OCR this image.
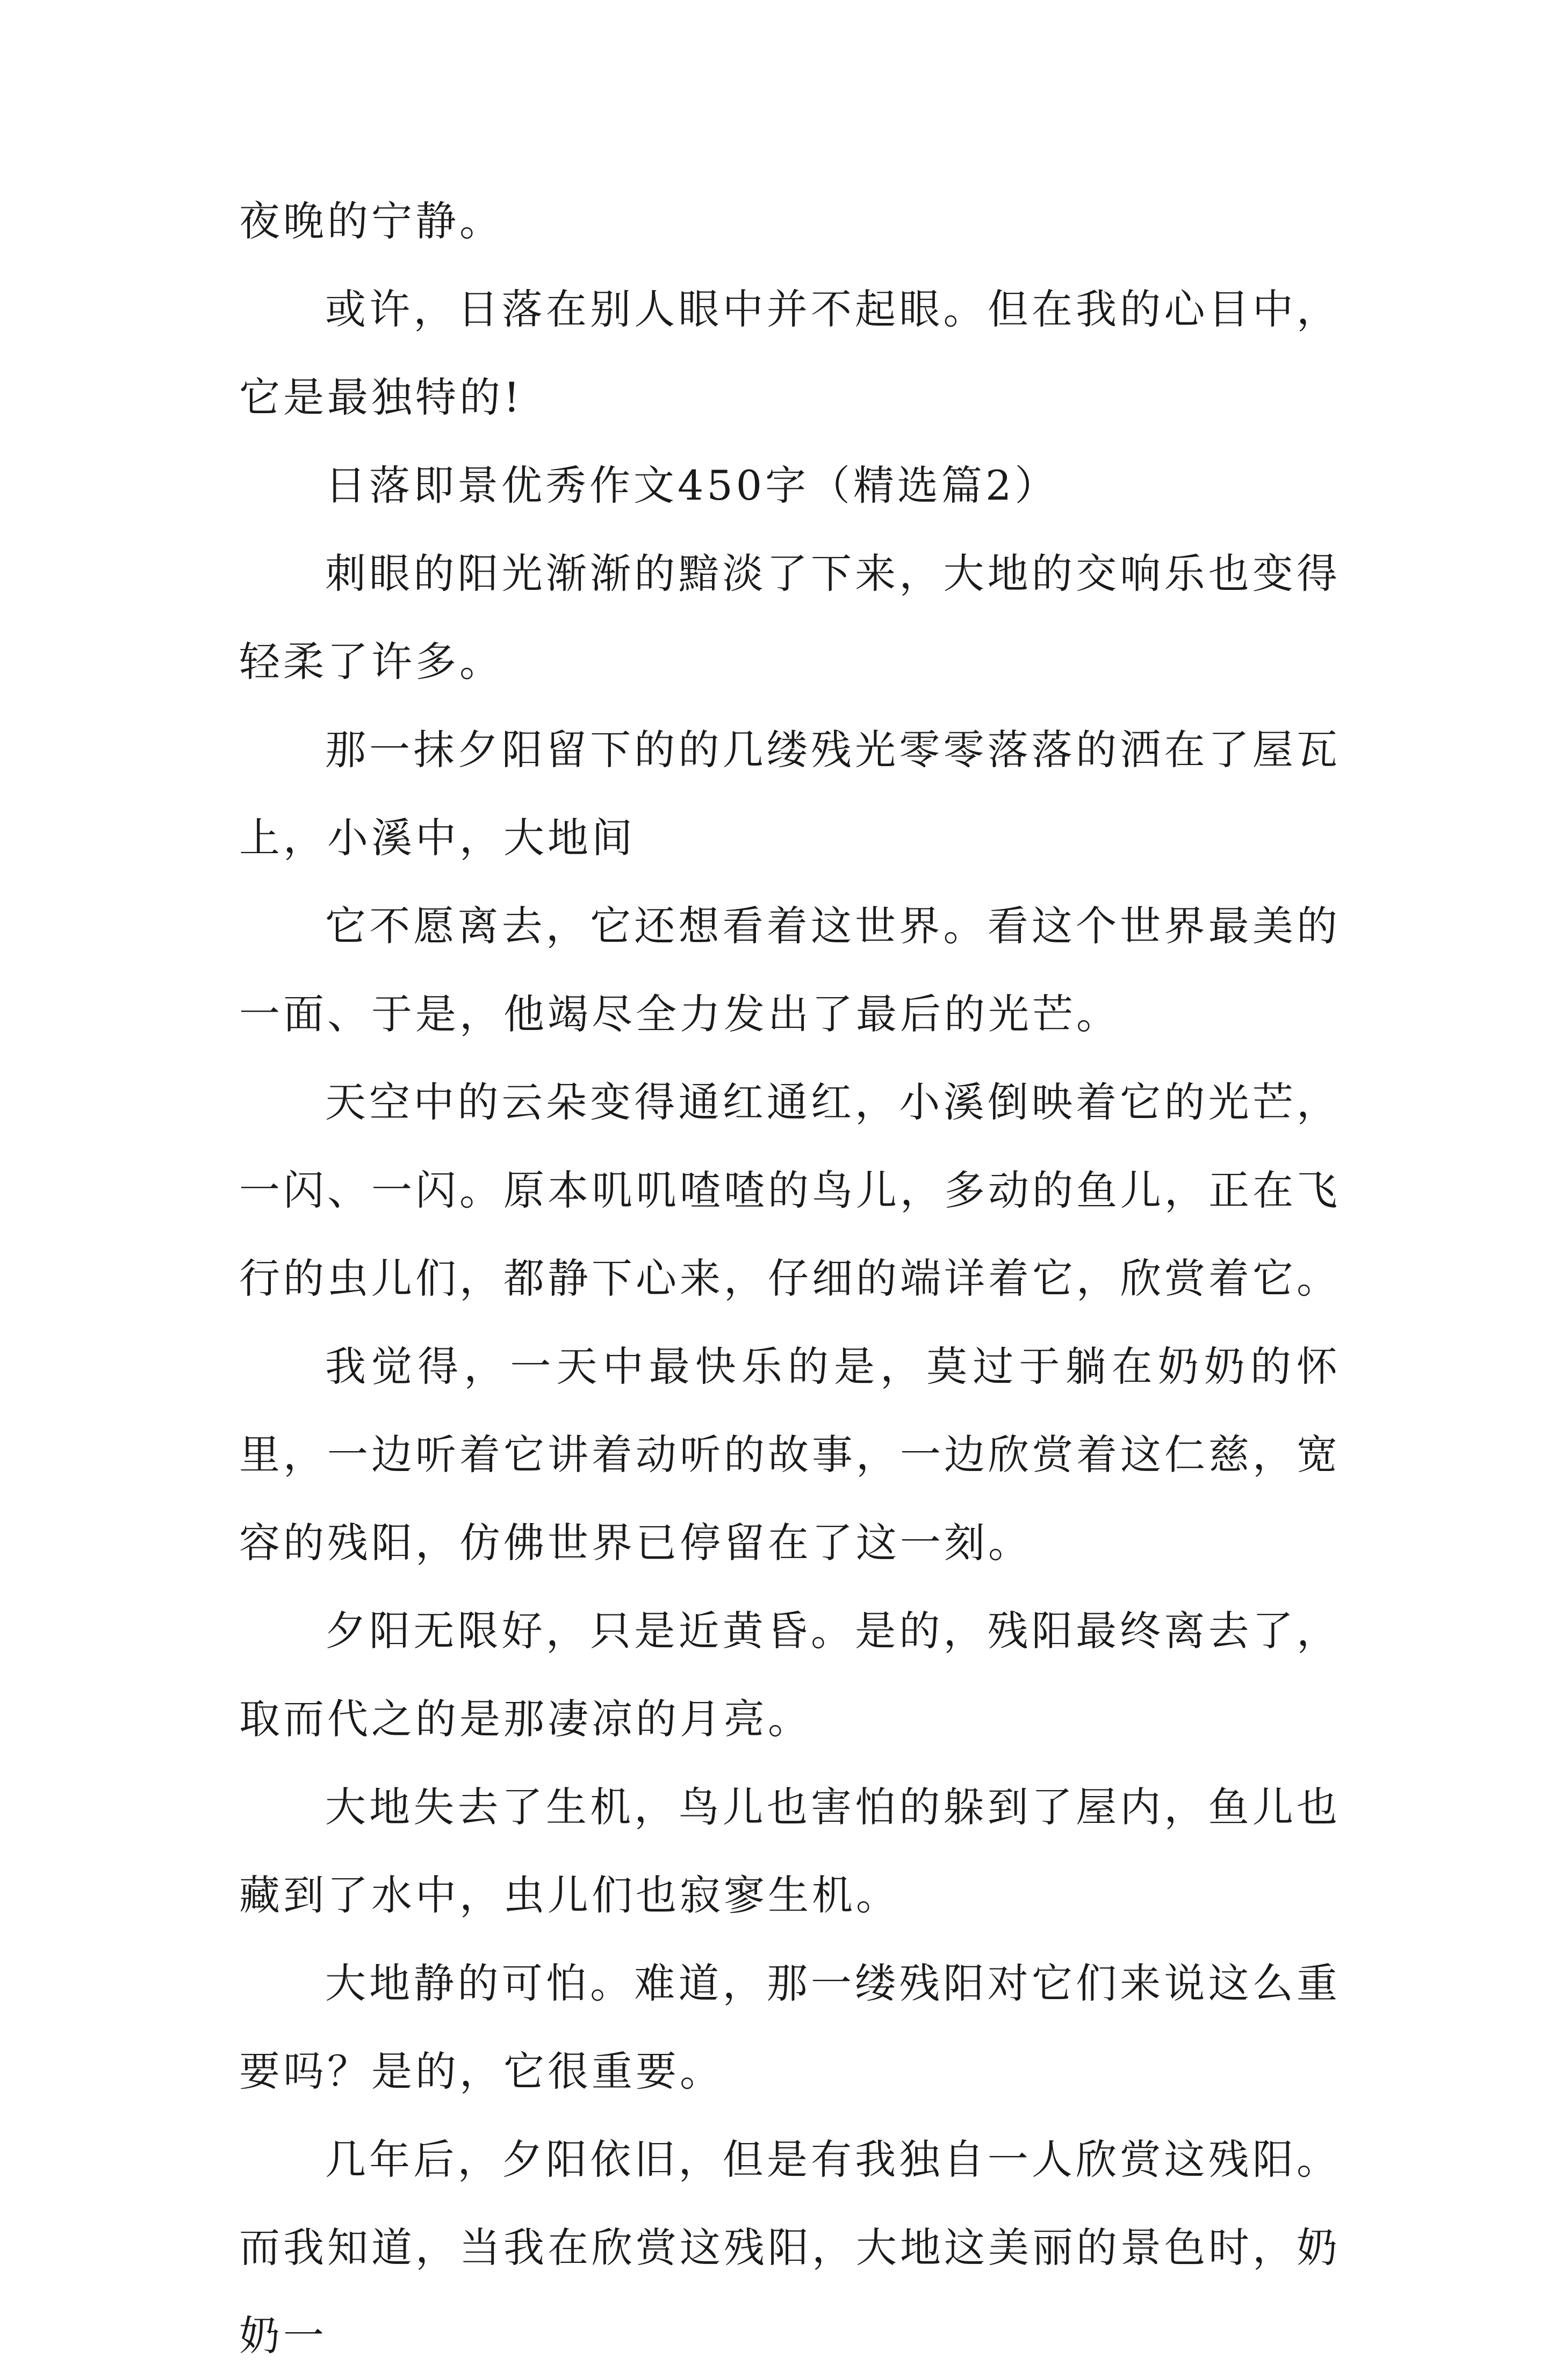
夜晚的宁静。

或许，日落在别人眼中并不起眼。但在我的心目中，它是最独特的!

日落即景优秀作文450字（精选篇2）

刺眼的阳光渐渐的黯淡了下来，大地的交响乐也变得轻柔了许多。

那一抹夕阳留下的的几缕残光零零落落的洒在了屋瓦上，小溪中，大地间

它不愿离去，它还想看着这世界。看这个世界最美的一面、于是，他竭尽全力发出了最后的光芒。

天空中的云朵变得通红通红，小溪倒映着它的光芒，一闪、一闪。原本叽叽喳喳的鸟儿，多动的鱼儿，正在飞行的虫儿们，都静下心来，仔细的端详着它，欣赏着它。

我觉得，一天中最快乐的是，莫过于躺在奶奶的怀里，一边听着它讲着动听的故事，一边欣赏着这仁慈，宽容的残阳，仿佛世界已停留在了这一刻。

夕阳无限好，只是近黄昏。是的，残阳最终离去了，取而代之的是那凄凉的月亮。

大地失去了生机，鸟儿也害怕的躲到了屋内，鱼儿也藏到了水中，虫儿们也寂寥生机。

大地静的可怕。难道，那一缕残阳对它们来说这么重要吗？是的，它很重要。

几年后，夕阳依旧，但是有我独自一人欣赏这残阳。而我知道，当我在欣赏这残阳，大地这美丽的景色时，奶奶一
